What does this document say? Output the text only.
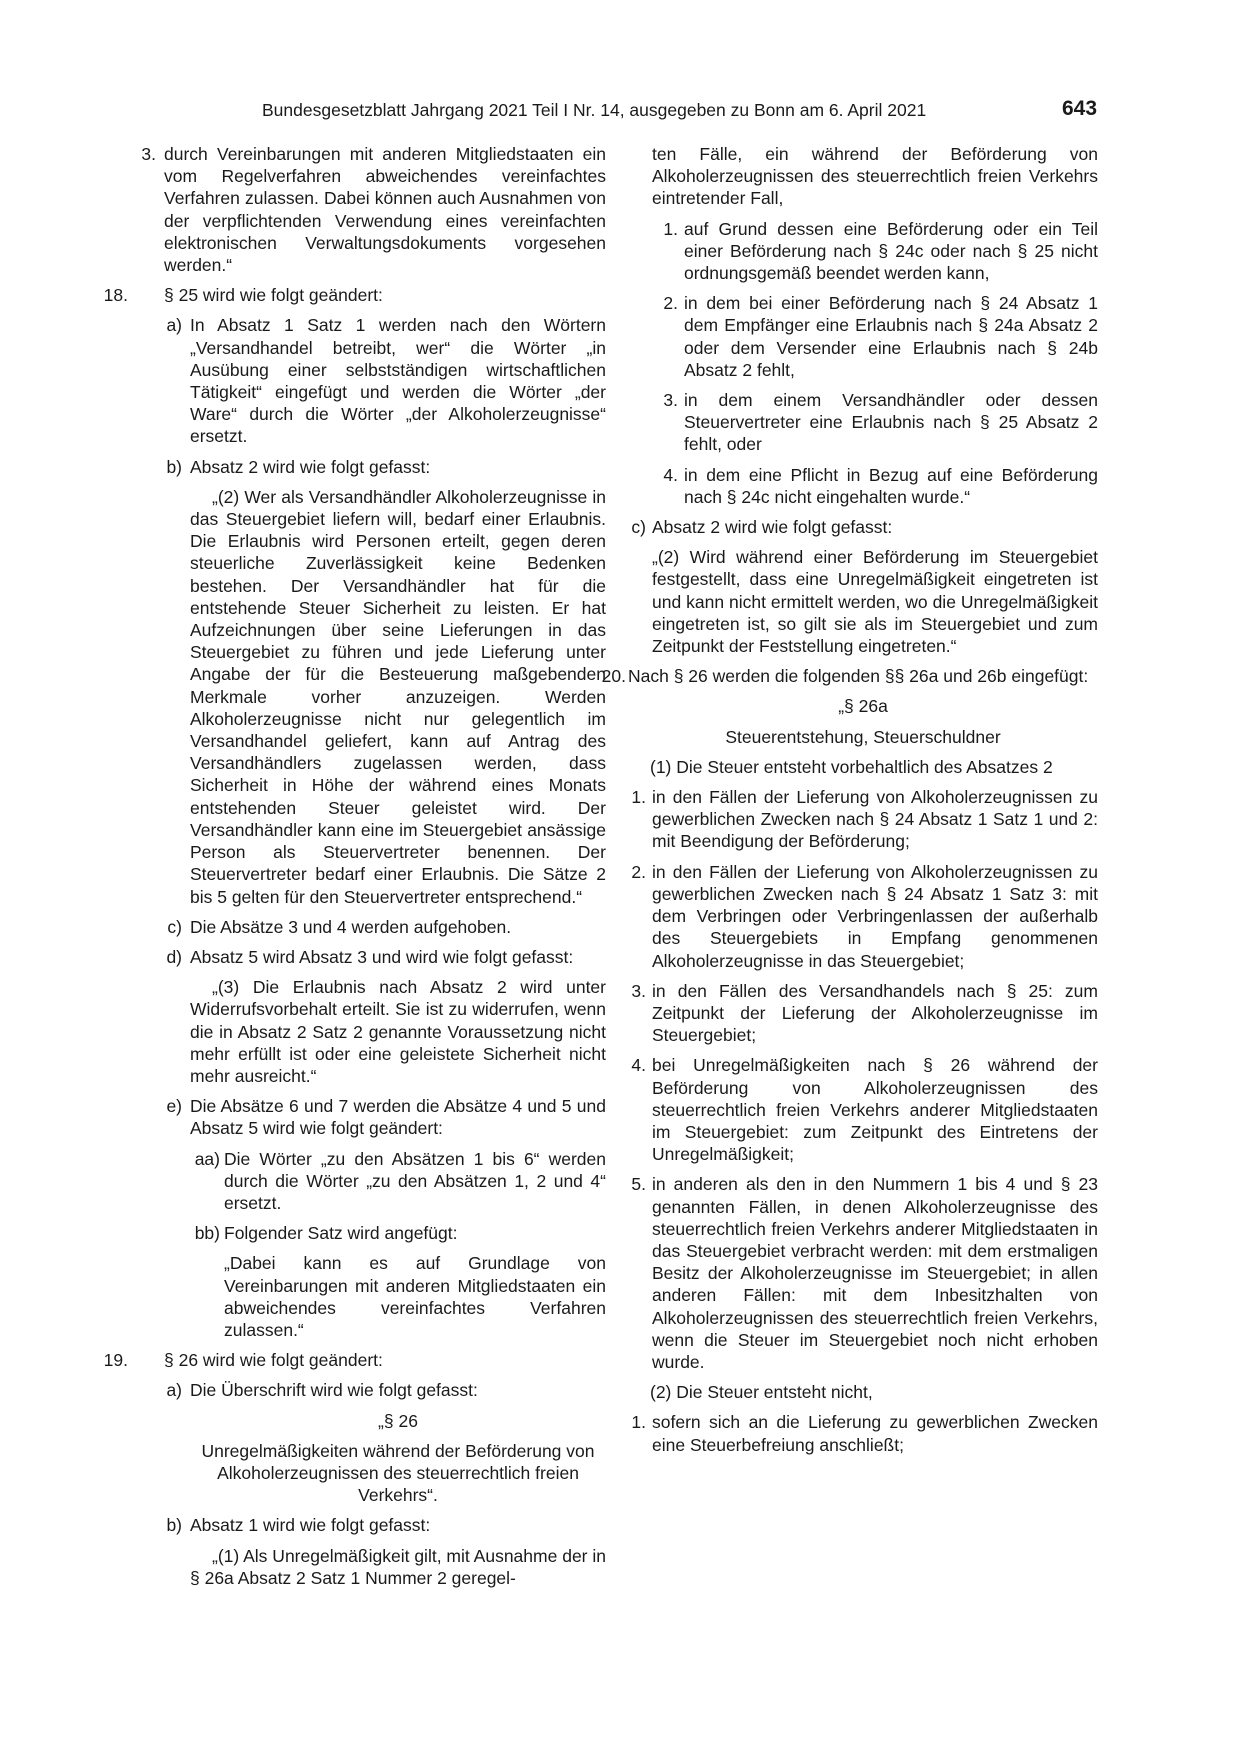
Bundesgesetzblatt Jahrgang 2021 Teil I Nr. 14, ausgegeben zu Bonn am 6. April 2021	643
3. durch Vereinbarungen mit anderen Mitgliedstaaten ein vom Regelverfahren abweichendes vereinfachtes Verfahren zulassen. Dabei können auch Ausnahmen von der verpflichtenden Verwendung eines vereinfachten elektronischen Verwaltungsdokuments vorgesehen werden.“
18. § 25 wird wie folgt geändert:
a) In Absatz 1 Satz 1 werden nach den Wörtern „Versandhandel betreibt, wer“ die Wörter „in Ausübung einer selbstständigen wirtschaftlichen Tätigkeit“ eingefügt und werden die Wörter „der Ware“ durch die Wörter „der Alkoholerzeugnisse“ ersetzt.
b) Absatz 2 wird wie folgt gefasst:
„(2) Wer als Versandhändler Alkoholerzeugnisse in das Steuergebiet liefern will, bedarf einer Erlaubnis. Die Erlaubnis wird Personen erteilt, gegen deren steuerliche Zuverlässigkeit keine Bedenken bestehen. Der Versandhändler hat für die entstehende Steuer Sicherheit zu leisten. Er hat Aufzeichnungen über seine Lieferungen in das Steuergebiet zu führen und jede Lieferung unter Angabe der für die Besteuerung maßgebenden Merkmale vorher anzuzeigen. Werden Alkoholerzeugnisse nicht nur gelegentlich im Versandhandel geliefert, kann auf Antrag des Versandhändlers zugelassen werden, dass Sicherheit in Höhe der während eines Monats entstehenden Steuer geleistet wird. Der Versandhändler kann eine im Steuergebiet ansässige Person als Steuervertreter benennen. Der Steuervertreter bedarf einer Erlaubnis. Die Sätze 2 bis 5 gelten für den Steuervertreter entsprechend.“
c) Die Absätze 3 und 4 werden aufgehoben.
d) Absatz 5 wird Absatz 3 und wird wie folgt gefasst:
„(3) Die Erlaubnis nach Absatz 2 wird unter Widerrufsvorbehalt erteilt. Sie ist zu widerrufen, wenn die in Absatz 2 Satz 2 genannte Voraussetzung nicht mehr erfüllt ist oder eine geleistete Sicherheit nicht mehr ausreicht.“
e) Die Absätze 6 und 7 werden die Absätze 4 und 5 und Absatz 5 wird wie folgt geändert:
aa) Die Wörter „zu den Absätzen 1 bis 6“ werden durch die Wörter „zu den Absätzen 1, 2 und 4“ ersetzt.
bb) Folgender Satz wird angefügt:
„Dabei kann es auf Grundlage von Vereinbarungen mit anderen Mitgliedstaaten ein abweichendes vereinfachtes Verfahren zulassen.“
19. § 26 wird wie folgt geändert:
a) Die Überschrift wird wie folgt gefasst:
„§ 26
Unregelmäßigkeiten während der Beförderung von Alkoholerzeugnissen des steuerrechtlich freien Verkehrs“.
b) Absatz 1 wird wie folgt gefasst:
„(1) Als Unregelmäßigkeit gilt, mit Ausnahme der in § 26a Absatz 2 Satz 1 Nummer 2 geregel-
ten Fälle, ein während der Beförderung von Alkoholerzeugnissen des steuerrechtlich freien Verkehrs eintretender Fall,
1. auf Grund dessen eine Beförderung oder ein Teil einer Beförderung nach § 24c oder nach § 25 nicht ordnungsgemäß beendet werden kann,
2. in dem bei einer Beförderung nach § 24 Absatz 1 dem Empfänger eine Erlaubnis nach § 24a Absatz 2 oder dem Versender eine Erlaubnis nach § 24b Absatz 2 fehlt,
3. in dem einem Versandhändler oder dessen Steuervertreter eine Erlaubnis nach § 25 Absatz 2 fehlt, oder
4. in dem eine Pflicht in Bezug auf eine Beförderung nach § 24c nicht eingehalten wurde.“
c) Absatz 2 wird wie folgt gefasst:
„(2) Wird während einer Beförderung im Steuergebiet festgestellt, dass eine Unregelmäßigkeit eingetreten ist und kann nicht ermittelt werden, wo die Unregelmäßigkeit eingetreten ist, so gilt sie als im Steuergebiet und zum Zeitpunkt der Feststellung eingetreten.“
20. Nach § 26 werden die folgenden §§ 26a und 26b eingefügt:
„§ 26a
Steuerentstehung, Steuerschuldner
(1) Die Steuer entsteht vorbehaltlich des Absatzes 2
1. in den Fällen der Lieferung von Alkoholerzeugnissen zu gewerblichen Zwecken nach § 24 Absatz 1 Satz 1 und 2: mit Beendigung der Beförderung;
2. in den Fällen der Lieferung von Alkoholerzeugnissen zu gewerblichen Zwecken nach § 24 Absatz 1 Satz 3: mit dem Verbringen oder Verbringenlassen der außerhalb des Steuergebiets in Empfang genommenen Alkoholerzeugnisse in das Steuergebiet;
3. in den Fällen des Versandhandels nach § 25: zum Zeitpunkt der Lieferung der Alkoholerzeugnisse im Steuergebiet;
4. bei Unregelmäßigkeiten nach § 26 während der Beförderung von Alkoholerzeugnissen des steuerrechtlich freien Verkehrs anderer Mitgliedstaaten im Steuergebiet: zum Zeitpunkt des Eintretens der Unregelmäßigkeit;
5. in anderen als den in den Nummern 1 bis 4 und § 23 genannten Fällen, in denen Alkoholerzeugnisse des steuerrechtlich freien Verkehrs anderer Mitgliedstaaten in das Steuergebiet verbracht werden: mit dem erstmaligen Besitz der Alkoholerzeugnisse im Steuergebiet; in allen anderen Fällen: mit dem Inbesitzhalten von Alkoholerzeugnissen des steuerrechtlich freien Verkehrs, wenn die Steuer im Steuergebiet noch nicht erhoben wurde.
(2) Die Steuer entsteht nicht,
1. sofern sich an die Lieferung zu gewerblichen Zwecken eine Steuerbefreiung anschließt;
